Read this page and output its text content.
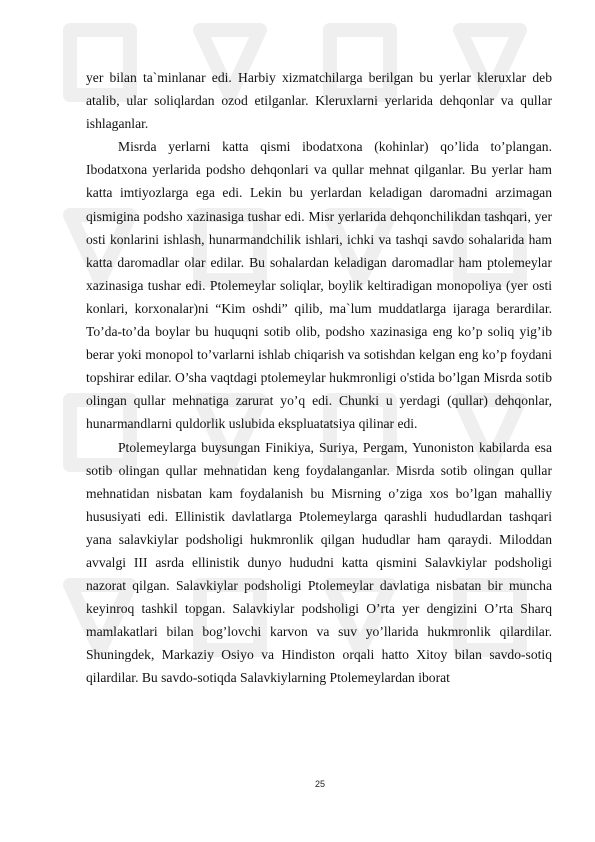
yer bilan ta`minlanar edi. Harbiy xizmatchilarga berilgan bu yerlar kleruxlar deb atalib, ular soliqlardan ozod etilganlar. Kleruxlarni yerlarida dehqonlar va qullar ishlaganlar.

Misrda yerlarni katta qismi ibodatxona (kohinlar) qo’lida to’plangan. Ibodatxona yerlarida podsho dehqonlari va qullar mehnat qilganlar. Bu yerlar ham katta imtiyozlarga ega edi. Lekin bu yerlardan keladigan daromadni arzimagan qismigina podsho xazinasiga tushar edi. Misr yerlarida dehqonchilikdan tashqari, yer osti konlarini ishlash, hunarmandchilik ishlari, ichki va tashqi savdo sohalarida ham katta daromadlar olar edilar. Bu sohalardan keladigan daromadlar ham ptolemeylar xazinasiga tushar edi. Ptolemeylar soliqlar, boylik keltiradigan monopoliya (yer osti konlari, korxonalar)ni “Kim oshdi” qilib, ma`lum muddatlarga ijaraga berardilar. To’da-to’da boylar bu huquqni sotib olib, podsho xazinasiga eng ko’p soliq yig’ib berar yoki monopol to’varlarni ishlab chiqarish va sotishdan kelgan eng ko’p foydani topshirar edilar. O’sha vaqtdagi ptolemeylar hukmronligi o'stida bo’lgan Misrda sotib olingan qullar mehnatiga zarurat yo’q edi. Chunki u yerdagi (qullar) dehqonlar, hunarmandlarni quldorlik uslubida ekspluatatsiya qilinar edi.

Ptolemeylarga buysungan Finikiya, Suriya, Pergam, Yunoniston kabilarda esa sotib olingan qullar mehnatidan keng foydalanganlar. Misrda sotib olingan qullar mehnatidan nisbatan kam foydalanish bu Misrning o’ziga xos bo’lgan mahalliy hususiyati edi. Ellinistik davlatlarga Ptolemeylarga qarashli hududlardan tashqari yana salavkiylar podsholigi hukmronlik qilgan hududlar ham qaraydi. Miloddan avvalgi III asrda ellinistik dunyo hududni katta qismini Salavkiylar podsholigi nazorat qilgan. Salavkiylar podsholigi Ptolemeylar davlatiga nisbatan bir muncha keyinroq tashkil topgan. Salavkiylar podsholigi O’rta yer dengizini O’rta Sharq mamlakatlari bilan bog’lovchi karvon va suv yo’llarida hukmronlik qilardilar. Shuningdek, Markaziy Osiyo va Hindiston orqali hatto Xitoy bilan savdo-sotiq qilardilar. Bu savdo-sotiqda Salavkiylarning Ptolemeylardan iborat

25
